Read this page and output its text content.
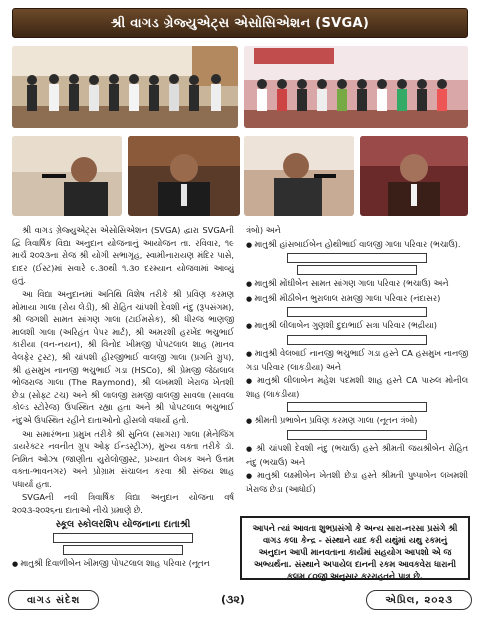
શ્રી વાગડ ગ્રેજ્યુએટ્સ એસોસિએશન (SVGA)

શ્રી વાગડ ગ્રેજ્યુએટ્સ એસોસિએશન (SVGA) દ્વારા SVGAની દ્વિ ત્રિવાર્ષિક વિદ્યા અનુદાન યોજનાનું આયોજન તા. રવિવાર, ૧૯ માર્ચ ૨૦૨૩ના રોજ શ્રી યોગી સભાગૃહ, સ્વામીનારાયણ મંદિર પાસે, દાદર (ઈસ્ટ)માં સવારે ૯.૩૦થી ૧.૩૦ દરમ્યાન યોજવામાં આવ્યું હતું.

આ વિદ્યા અનુદાનમાં અતિથિ વિશેષ તરીકે શ્રી પ્રવિણ કરમણ મોમાયા ગાલા (રોય લેડી), શ્રી રોહિત ચાંપશી દેવશી નંદુ (રૂપસંગમ), શ્રી જગશી સામત સાંગણ ગાલા (ટાઈમસેક), શ્રી ધીરજ ભાણજી માલશી ગાલા (અરિહંત પેપર માર્ટ), શ્રી અમરશી હરખેંદ ભચુભાઈ કારીયા (વન-નયન), શ્રી વિનોદ ખીમજી પોપટલાલ શાહ (માનવ વેલફેર ટ્રસ્ટ), શ્રી ચાંપશી હીરજીભાઈ વાલજી ગાલા (પ્રગતિ ગ્રુપ), શ્રી હસમુખ નાનજી ભચુભાઈ ગડા (HSCo), શ્રી પ્રેમજી જેઠાલાલ ભોજરાજ ગાલા (The Raymond), શ્રી લખમશી ખેરાજ ખેતશી છેડા (સોફ્ટ ટચ) અને શ્રી લાલજી રામજી વાલજી સાવલા (સાવલા કોલ્ડ સ્ટોરેજ) ઉપસ્થિત રહ્યા હતા અને શ્રી પોપટલાલ ભચુભાઈ નંદુએ ઉપસ્થિત રહીને દાતાઓનો હોંસલો વધાર્યો હતો.

આ સમારંભના પ્રમુખ તરીકે શ્રી સુનિલ (સાગરા) ગાલા (મેનેજિંગ ડાયરેક્ટર નવનીત ગ્રૂપ ઓફ ઈન્ડસ્ટ્રીઝ), મુખ્ય વક્તા તરીકે ડૉ. નિમિત ઓઝા (જાણીતા યુરોલોજીસ્ટ, પ્રખ્યાત લેખક અને ઉત્તમ વક્તા-ભાવનગર) અને પ્રોગ્રામ સંચાલન કરવા શ્રી સંજય શાહ પધાર્યા હતા.

SVGAની નવી ત્રિવાર્ષિક વિદ્યા અનુદાન યોજના વર્ષ ૨૦૨૩-૨૦૨૬ના દાતાઓ નીચે પ્રમાણે છે.

સ્કૂલ સ્કોલરશિપ યોજનાના દાતાશ્રી

● માતુશ્રી દિવાળીબેન ખીમજી પોપટલાલ શાહ પરિવાર (નૂતન

ત્રંબો) અને

● માતુશ્રી હાંસબાઈબેન હોથીભાઈ વાલજી ગાલા પરિવાર (ભચાઉ).

● માતુશ્રી મોંઘીબેન સામત સાંગણ ગાલા પરિવાર (ભચાઉ) અને

● માતુશ્રી મીઠીબેન ભુરાલાલ રામજી ગાલા પરિવાર (નંદાસર)

● માતુશ્રી લીલાબેન ગુણશી દુદાભાઈ સત્રા પરિવાર (ભદ્રીયા)

● માતુશ્રી વેલબાઈ નાનજી ભચુભાઈ ગડા હસ્તે CA હસમુખ નાનજી ગડા પરિવાર (લાકડીયા) અને

● માતુશ્રી લીલાબેન મહેશ પદમશી શાહ હસ્તે CA પારુલ મોનીલ શાહ (લાકડીયા)

● શ્રીમતી પ્રભાબેન પ્રવિણ કરમણ ગાલા (નૂતન ત્રંબો)

● શ્રી ચાંપશી દેવશી નંદુ (ભચાઉ) હસ્તે શ્રીમતી જયશ્રીબેન રોહિત નંદુ (ભચાઉ) અને

● માતુશ્રી લક્ષ્મીબેન ખેતશી છેડા હસ્તે શ્રીમતી પુષ્પાબેન લખમશી ખેરાજ છેડા (આધોઈ)

આપને ત્યાં આવતા શુભપ્રસંગો કે અન્ય સારા-નરસા પ્રસંગે શ્રી વાગડ કલા કેન્દ્ર - સંસ્થાને યાદ કરી યથુંમાં યથુ રકમનું અનુદાન આપી માનવતાના કાર્યમાં સહયોગ આપશો એ જ અભ્યર્થના. સંસ્થાને અપાયેલ દાનની રકમ આવકવેરા ધારાની કલમ ૮૦જી અનુસાર કરરાહતને પાત્ર છે.
વાગડ સંદેશ	(૩૨)	એપ્રિલ, ૨૦૨૩
